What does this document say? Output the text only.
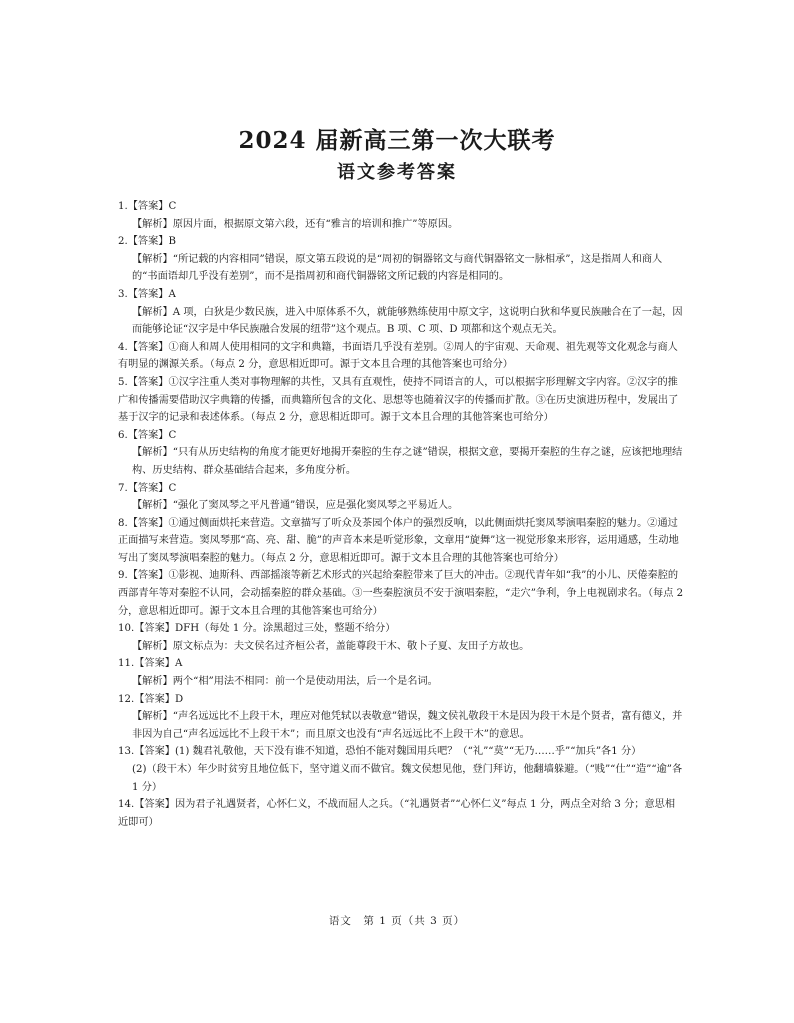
2024 届新高三第一次大联考
语文参考答案
1.【答案】C
【解析】原因片面，根据原文第六段，还有“雅言的培训和推广”等原因。
2.【答案】B
【解析】“所记载的内容相同”错误，原文第五段说的是“周初的铜器铭文与商代铜器铭文一脉相承”，这是指周人和商人的“书面语却几乎没有差别”，而不是指周初和商代铜器铭文所记载的内容是相同的。
3.【答案】A
【解析】A 项，白狄是少数民族，进入中原体系不久，就能够熟练使用中原文字，这说明白狄和华夏民族融合在了一起，因而能够论证“汉字是中华民族融合发展的纽带”这个观点。B 项、C 项、D 项都和这个观点无关。
4.【答案】①商人和周人使用相同的文字和典籍，书面语几乎没有差别。②周人的宇宙观、天命观、祖先观等文化观念与商人有明显的渊源关系。（每点 2 分，意思相近即可。源于文本且合理的其他答案也可给分）
5.【答案】①汉字注重人类对事物理解的共性，又具有直观性，使持不同语言的人，可以根据字形理解文字内容。②汉字的推广和传播需要借助汉字典籍的传播，而典籍所包含的文化、思想等也随着汉字的传播而扩散。③在历史演进历程中，发展出了基于汉字的记录和表述体系。（每点 2 分，意思相近即可。源于文本且合理的其他答案也可给分）
6.【答案】C
【解析】“只有从历史结构的角度才能更好地揭开秦腔的生存之谜”错误，根据文意，要揭开秦腔的生存之谜，应该把地理结构、历史结构、群众基础结合起来，多角度分析。
7.【答案】C
【解析】“强化了窦凤琴之平凡普通”错误，应是强化窦凤琴之平易近人。
8.【答案】①通过侧面烘托来营造。文章描写了听众及茶园个体户的强烈反响，以此侧面烘托窦凤琴演唱秦腔的魅力。②通过正面描写来营造。窦凤琴那“高、亮、甜、脆”的声音本来是听觉形象，文章用“旋舞”这一视觉形象来形容，运用通感，生动地写出了窦凤琴演唱秦腔的魅力。（每点 2 分，意思相近即可。源于文本且合理的其他答案也可给分）
9.【答案】①影视、迪斯科、西部摇滚等新艺术形式的兴起给秦腔带来了巨大的冲击。②现代青年如“我”的小儿、厌倦秦腔的西部青年等对秦腔不认同，会动摇秦腔的群众基础。③一些秦腔演员不安于演唱秦腔，“走穴”争利，争上电视剧求名。（每点 2 分，意思相近即可。源于文本且合理的其他答案也可给分）
10.【答案】DFH（每处 1 分。涂黑超过三处，整题不给分）
【解析】原文标点为：夫文侯名过齐桓公者，盖能尊段干木、敬卜子夏、友田子方故也。
11.【答案】A
【解析】两个“相”用法不相同：前一个是使动用法，后一个是名词。
12.【答案】D
【解析】“声名远远比不上段干木，理应对他凭轼以表敬意”错误，魏文侯礼敬段干木是因为段干木是个贤者，富有德义，并非因为自己“声名远远比不上段干木”；而且原文也没有“声名远远比不上段干木”的意思。
13.【答案】(1) 魏君礼敬他，天下没有谁不知道，恐怕不能对魏国用兵吧？（“礼”“莫”“无乃……乎”“加兵”各1 分）
(2)（段干木）年少时贫穷且地位低下，坚守道义而不做官。魏文侯想见他，登门拜访，他翻墙躲避。（“贱”“仕”“造”“逾”各 1 分）
14.【答案】因为君子礼遇贤者，心怀仁义，不战而屈人之兵。（“礼遇贤者”“心怀仁义”每点 1 分，两点全对给 3 分；意思相近即可）
语文　第 1 页（共 3 页）
